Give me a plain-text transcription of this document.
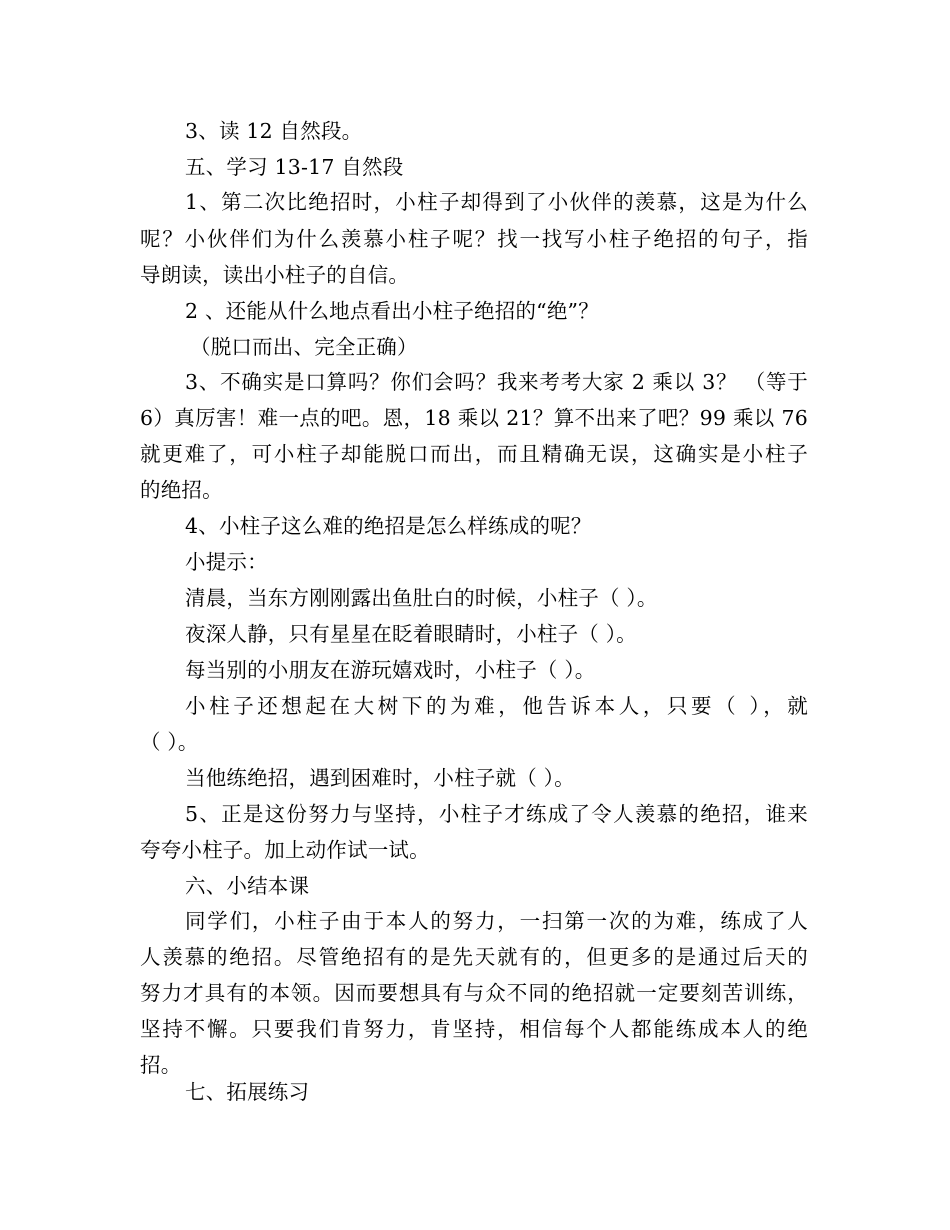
3、读 12 自然段。
五、学习 13-17 自然段
1、第二次比绝招时，小柱子却得到了小伙伴的羡慕，这是为什么
呢？小伙伴们为什么羡慕小柱子呢？找一找写小柱子绝招的句子，指
导朗读，读出小柱子的自信。
2 、还能从什么地点看出小柱子绝招的“绝”？
（脱口而出、完全正确）
3、不确实是口算吗？你们会吗？我来考考大家 2 乘以 3？ （等于
6）真厉害！难一点的吧。恩，18 乘以 21？算不出来了吧？99 乘以 76
就更难了，可小柱子却能脱口而出，而且精确无误，这确实是小柱子
的绝招。
4、小柱子这么难的绝招是怎么样练成的呢？
小提示：
清晨，当东方刚刚露出鱼肚白的时候，小柱子（ ）。
夜深人静，只有星星在眨着眼睛时，小柱子（ ）。
每当别的小朋友在游玩嬉戏时，小柱子（ ）。
小柱子还想起在大树下的为难，他告诉本人，只要（ ），就
（ ）。
当他练绝招，遇到困难时，小柱子就（ ）。
5、正是这份努力与坚持，小柱子才练成了令人羡慕的绝招，谁来
夸夸小柱子。加上动作试一试。
六、小结本课
同学们，小柱子由于本人的努力，一扫第一次的为难，练成了人
人羡慕的绝招。尽管绝招有的是先天就有的，但更多的是通过后天的
努力才具有的本领。因而要想具有与众不同的绝招就一定要刻苦训练，
坚持不懈。只要我们肯努力，肯坚持，相信每个人都能练成本人的绝
招。
七、拓展练习
